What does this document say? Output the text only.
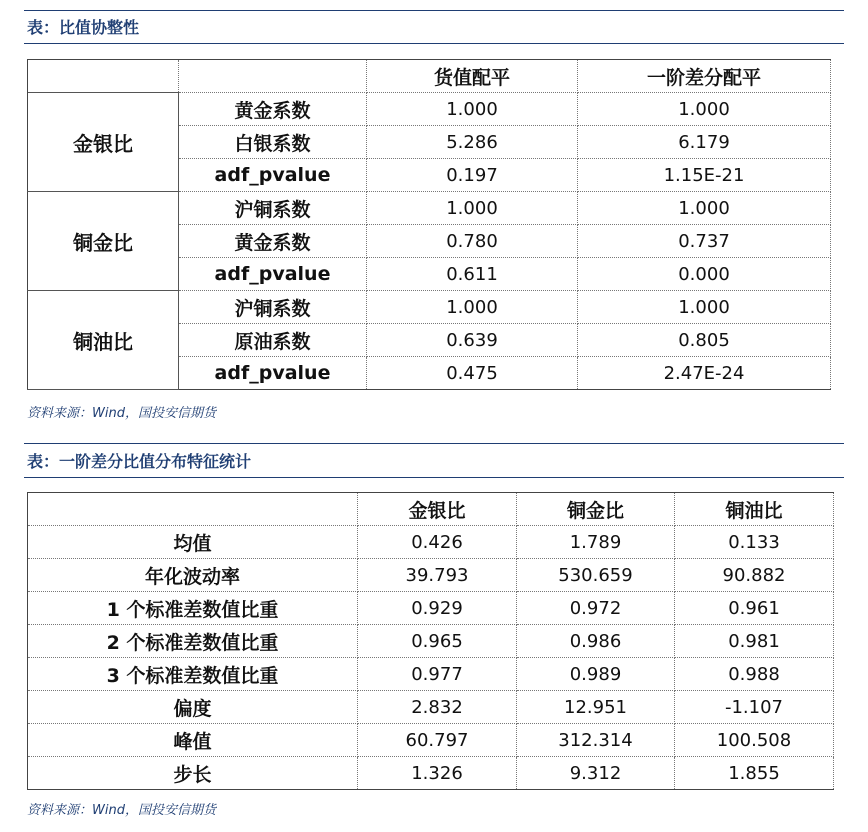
表：比值协整性
		货值配平	一阶差分配平
金银比	黄金系数	1.000	1.000
	白银系数	5.286	6.179
	adf_pvalue	0.197	1.15E-21
铜金比	沪铜系数	1.000	1.000
	黄金系数	0.780	0.737
	adf_pvalue	0.611	0.000
铜油比	沪铜系数	1.000	1.000
	原油系数	0.639	0.805
	adf_pvalue	0.475	2.47E-24
资料来源：Wind，国投安信期货
表：一阶差分比值分布特征统计
	金银比	铜金比	铜油比
均值	0.426	1.789	0.133
年化波动率	39.793	530.659	90.882
1 个标准差数值比重	0.929	0.972	0.961
2 个标准差数值比重	0.965	0.986	0.981
3 个标准差数值比重	0.977	0.989	0.988
偏度	2.832	12.951	-1.107
峰值	60.797	312.314	100.508
步长	1.326	9.312	1.855
资料来源：Wind，国投安信期货
